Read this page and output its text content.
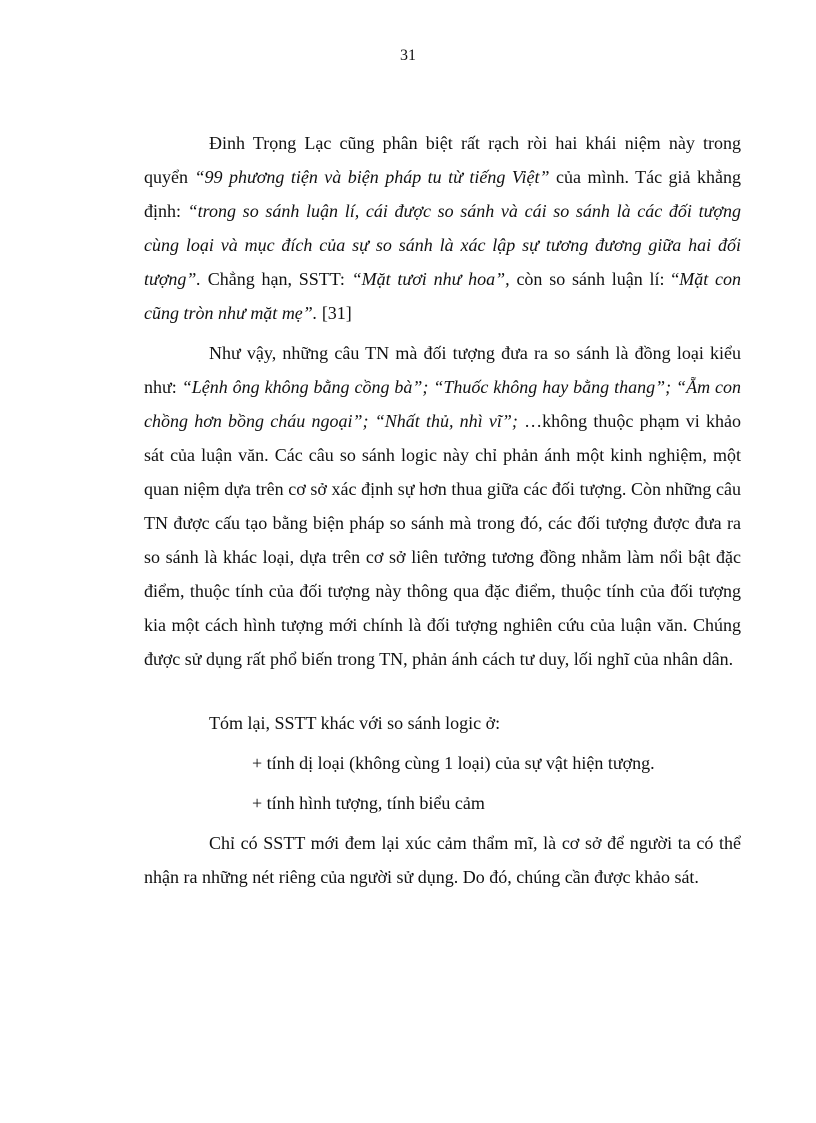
31

Đinh Trọng Lạc cũng phân biệt rất rạch ròi hai khái niệm này trong quyển “99 phương tiện và biện pháp tu từ tiếng Việt” của mình. Tác giả khẳng định: “trong so sánh luận lí, cái được so sánh và cái so sánh là các đối tượng cùng loại và mục đích của sự so sánh là xác lập sự tương đương giữa hai đối tượng”. Chẳng hạn, SSTT: “Mặt tươi như hoa”, còn so sánh luận lí: “Mặt con cũng tròn như mặt mẹ”. [31]

Như vậy, những câu TN mà đối tượng đưa ra so sánh là đồng loại kiểu như: “Lệnh ông không bằng cồng bà”; “Thuốc không hay bằng thang”; “Ẵm con chồng hơn bồng cháu ngoại”; “Nhất thủ, nhì vĩ”; …không thuộc phạm vi khảo sát của luận văn. Các câu so sánh logic này chỉ phản ánh một kinh nghiệm, một quan niệm dựa trên cơ sở xác định sự hơn thua giữa các đối tượng. Còn những câu TN được cấu tạo bằng biện pháp so sánh mà trong đó, các đối tượng được đưa ra so sánh là khác loại, dựa trên cơ sở liên tưởng tương đồng nhằm làm nổi bật đặc điểm, thuộc tính của đối tượng này thông qua đặc điểm, thuộc tính của đối tượng kia một cách hình tượng mới chính là đối tượng nghiên cứu của luận văn. Chúng được sử dụng rất phổ biến trong TN, phản ánh cách tư duy, lối nghĩ của nhân dân.

Tóm lại, SSTT khác với so sánh logic ở:

+ tính dị loại (không cùng 1 loại) của sự vật hiện tượng.

+ tính hình tượng, tính biểu cảm

Chỉ có SSTT mới đem lại xúc cảm thẩm mĩ, là cơ sở để người ta có thể nhận ra những nét riêng của người sử dụng. Do đó, chúng cần được khảo sát.
